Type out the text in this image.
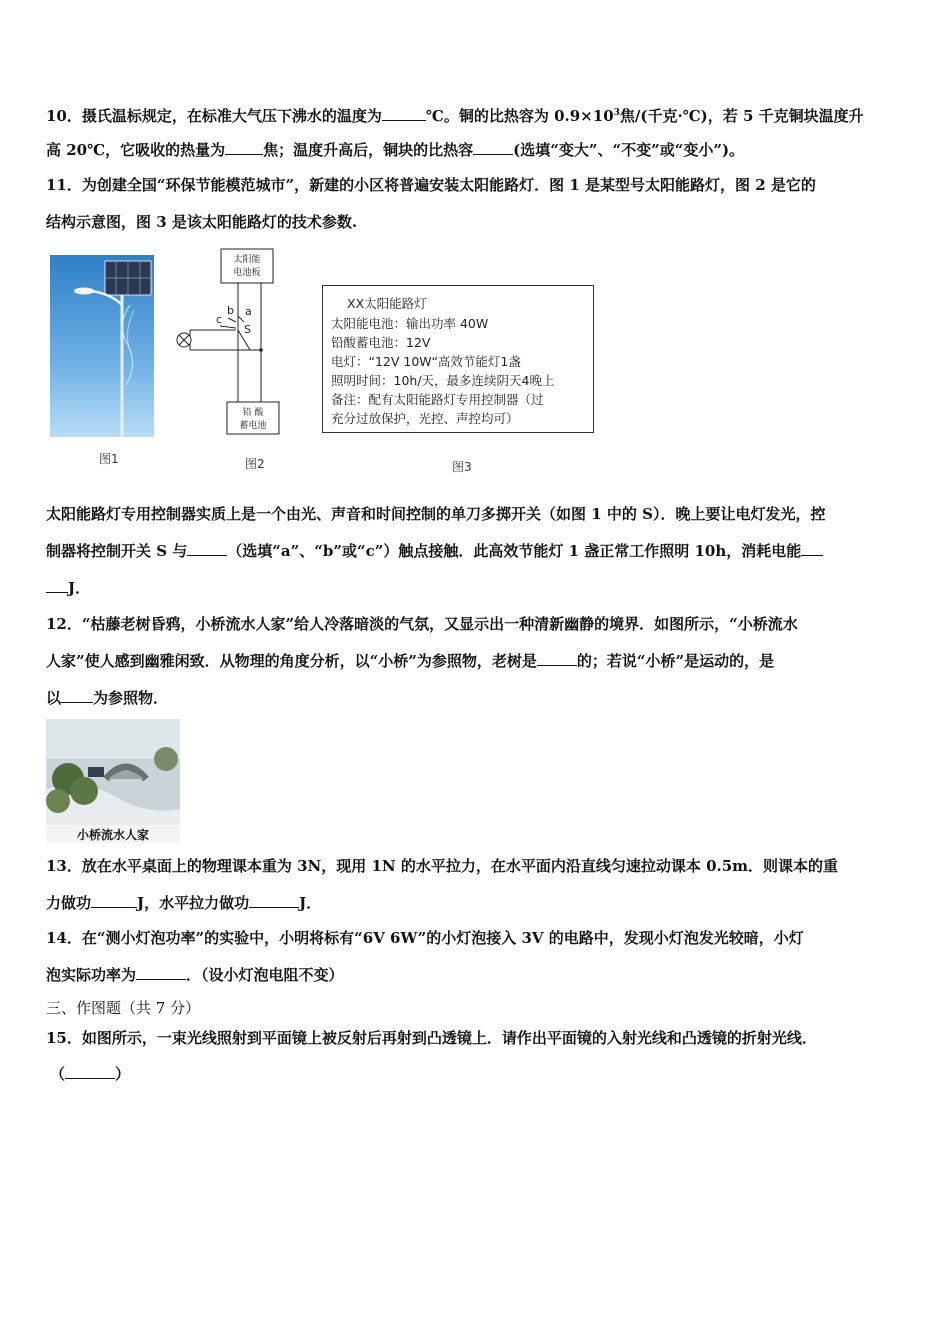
10．摄氏温标规定，在标准大气压下沸水的温度为	℃。铜的比热容为 $0.9\times 10^3$焦/(千克·℃)，若 5 千克铜块温度升
高 20℃，它吸收的热量为	焦；温度升高后，铜块的比热容	(选填“变大”、“不变”或“变小”)。
11．为创建全国“环保节能模范城市”，新建的小区将普遍安装太阳能路灯．图 1 是某型号太阳能路灯，图 2 是它的
结构示意图，图 3 是该太阳能路灯的技术参数.
图1
太阳能
电池板
铅 酸
蓄电池
a
b
c
S
图2
XX太阳能路灯
太阳能电池：输出功率 40W
铅酸蓄电池：12V
电灯：“12V 10W“高效节能灯1盏
照明时间：10h/天，最多连续阴天4晚上
备注：配有太阳能路灯专用控制器（过
充分过放保护，光控、声控均可）
图3
太阳能路灯专用控制器实质上是一个由光、声音和时间控制的单刀多掷开关（如图 1 中的 S）．晚上要让电灯发光，控
制器将控制开关 S 与	（选填“a”、“b”或“c”）触点接触．此高效节能灯 1 盏正常工作照明 10h，消耗电能
J．
12．“枯藤老树昏鸦，小桥流水人家”给人冷落暗淡的气氛，又显示出一种清新幽静的境界．如图所示，“小桥流水
人家”使人感到幽雅闲致．从物理的角度分析，以“小桥”为参照物，老树是	的；若说“小桥”是运动的，是
以 为参照物．
小桥流水人家
13．放在水平桌面上的物理课本重为 3N，现用 1N 的水平拉力，在水平面内沿直线匀速拉动课本 0.5m．则课本的重
力做功	J，水平拉力做功	J．
14．在“测小灯泡功率”的实验中，小明将标有“6V 6W”的小灯泡接入 3V 的电路中，发现小灯泡发光较暗，小灯
泡实际功率为	．（设小灯泡电阻不变）
三、作图题（共 7 分）
15．如图所示，一束光线照射到平面镜上被反射后再射到凸透镜上．请作出平面镜的入射光线和凸透镜的折射光线．
（	）
